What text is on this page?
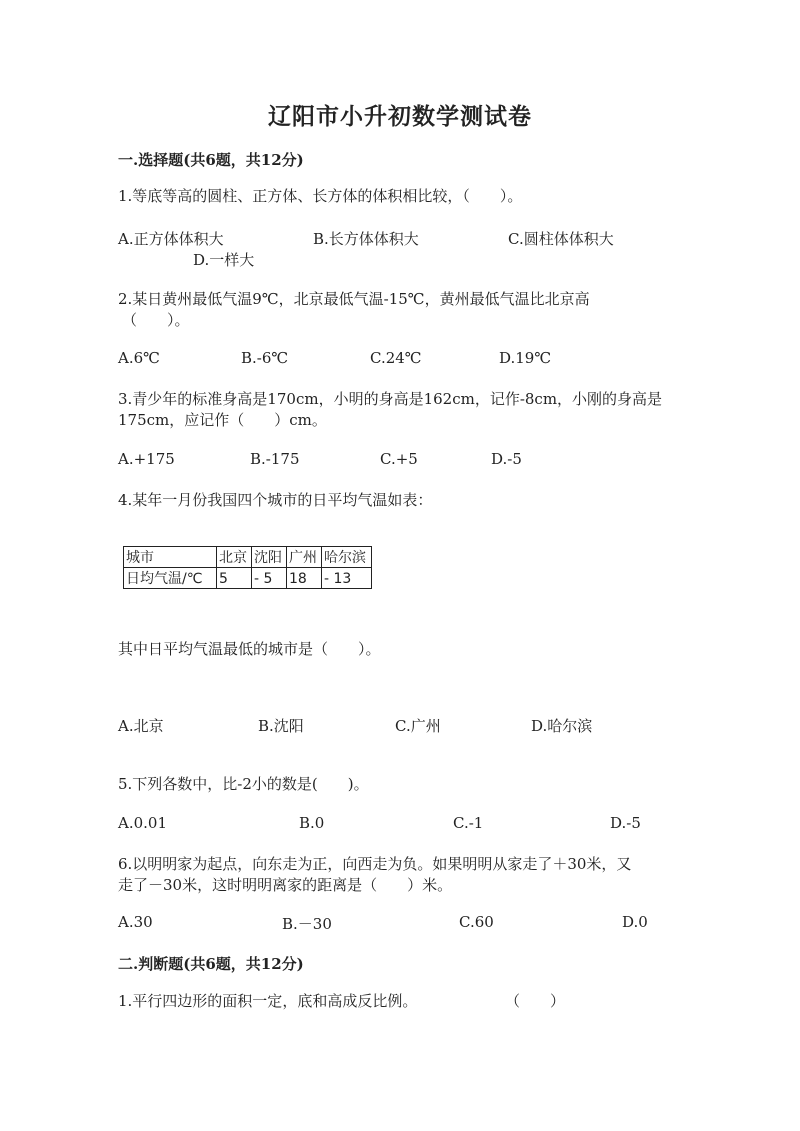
辽阳市小升初数学测试卷
一.选择题(共6题，共12分)
1.等底等高的圆柱、正方体、长方体的体积相比较，（　　）。
A.正方体体积大	B.长方体体积大	C.圆柱体体积大
D.一样大
2.某日黄州最低气温9℃，北京最低气温-15℃，黄州最低气温比北京高
（　　）。
A.6℃	B.-6℃	C.24℃	D.19℃
3.青少年的标准身高是170cm，小明的身高是162cm，记作-8cm，小刚的身高是
175cm，应记作（　　）cm。
A.+175	B.-175	C.+5	D.-5
4.某年一月份我国四个城市的日平均气温如表：
城市	北京	沈阳	广州	哈尔滨
日均气温/℃	5	- 5	18	- 13
其中日平均气温最低的城市是（　　）。
A.北京	B.沈阳	C.广州	D.哈尔滨
5.下列各数中，比-2小的数是(　　)。
A.0.01	B.0	C.-1	D.-5
6.以明明家为起点，向东走为正，向西走为负。如果明明从家走了＋30米，又
走了－30米，这时明明离家的距离是（　　）米。
A.30	B.－30	C.60	D.0
二.判断题(共6题，共12分)
1.平行四边形的面积一定，底和高成反比例。	（　　）
